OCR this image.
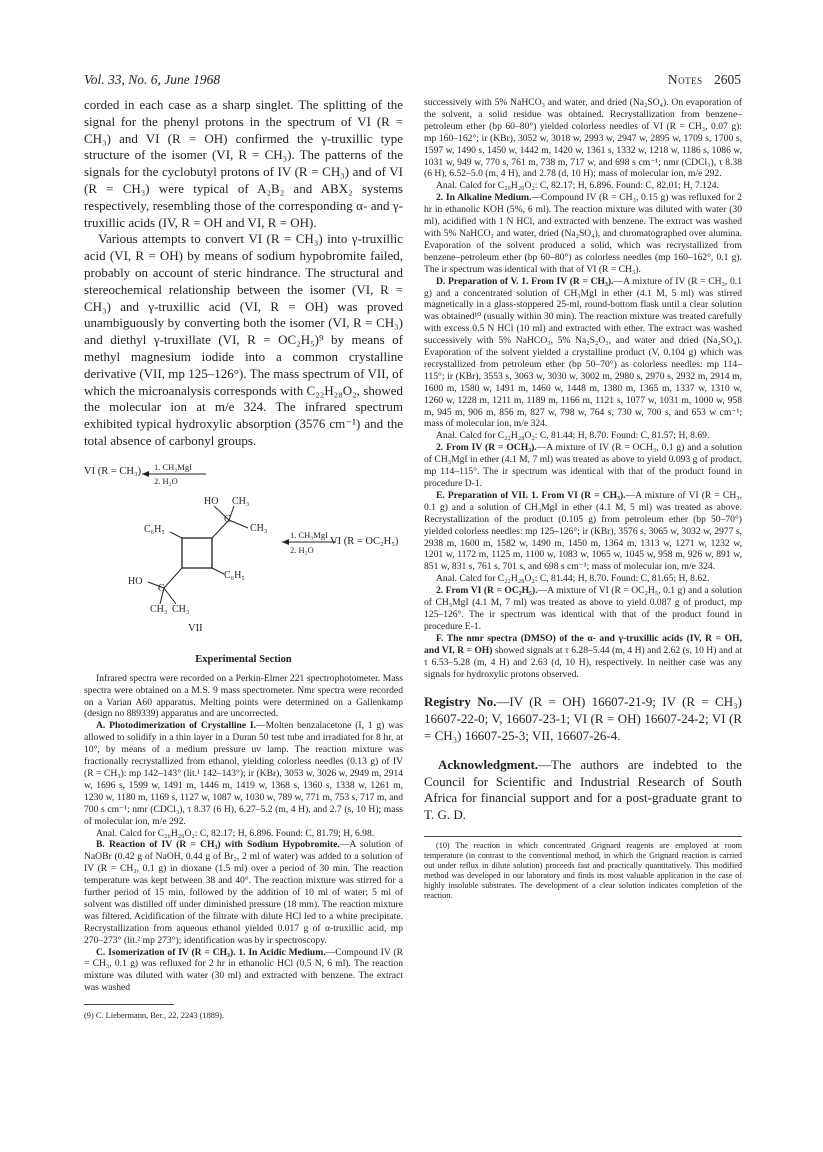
Vol. 33, No. 6, June 1968	Notes 2605

corded in each case as a sharp singlet. The splitting of the signal for the phenyl protons in the spectrum of VI (R = CH₃) and VI (R = OH) confirmed the γ-truxillic type structure of the isomer (VI, R = CH₃). The patterns of the signals for the cyclobutyl protons of IV (R = CH₃) and of VI (R = CH₃) were typical of A₂B₂ and ABX₂ systems respectively, resembling those of the corresponding α- and γ-truxillic acids (IV, R = OH and VI, R = OH).

Various attempts to convert VI (R = CH₃) into γ-truxillic acid (VI, R = OH) by means of sodium hypobromite failed, probably on account of steric hindrance. The structural and stereochemical relationship between the isomer (VI, R = CH₃) and γ-truxillic acid (VI, R = OH) was proved unambiguously by converting both the isomer (VI, R = CH₃) and diethyl γ-truxillate (VI, R = OC₂H₅)⁹ by means of methyl magnesium iodide into a common crystalline derivative (VII, mp 125–126°). The mass spectrum of VII, of which the microanalysis corresponds with C₂₂H₂₈O₂, showed the molecular ion at m/e 324. The infrared spectrum exhibited typical hydroxylic absorption (3576 cm⁻¹) and the total absence of carbonyl groups.

VI (R = CH₃) 1. CH₃MgI
2. H₂O
HO CH₃
C
CH₃
C₆H₅
C₆H₅
HO
C
CH₃ CH₃
1. CH₃MgI
2. H₂O
VI (R = OC₂H₅)
VII
Experimental Section

Infrared spectra were recorded on a Perkin-Elmer 221 spectrophotometer. Mass spectra were obtained on a M.S. 9 mass spectrometer. Nmr spectra were recorded on a Varian A60 apparatus. Melting points were determined on a Gallenkamp (design no 889339) apparatus and are uncorrected.

A. Photodimerization of Crystalline I.—Molten benzalacetone (I, 1 g) was allowed to solidify in a thin layer in a Duran 50 test tube and irradiated for 8 hr, at 10°, by means of a medium pressure uv lamp. The reaction mixture was fractionally recrystallized from ethanol, yielding colorless needles (0.13 g) of IV (R = CH₃): mp 142–143° (lit.¹ 142–143°); ir (KBr), 3053 w, 3026 w, 2949 m, 2914 w, 1696 s, 1599 w, 1491 m, 1446 m, 1419 w, 1368 s, 1360 s, 1338 w, 1261 m, 1230 w, 1180 m, 1169 s, 1127 w, 1087 w, 1030 w, 789 w, 771 m, 753 s, 717 m, and 700 s cm⁻¹; nmr (CDCl₃), τ 8.37 (6 H), 6.27–5.2 (m, 4 H), and 2.7 (s, 10 H); mass of molecular ion, m/e 292.

Anal. Calcd for C₂₀H₂₀O₂: C, 82.17; H, 6.896. Found: C, 81.79; H, 6.98.

B. Reaction of IV (R = CH₃) with Sodium Hypobromite.—A solution of NaOBr (0.42 g of NaOH, 0.44 g of Br₂, 2 ml of water) was added to a solution of IV (R = CH₃, 0.1 g) in dioxane (1.5 ml) over a period of 30 min. The reaction temperature was kept between 38 and 40°. The reaction mixture was stirred for a further period of 15 min, followed by the addition of 10 ml of water; 5 ml of solvent was distilled off under diminished pressure (18 mm). The reaction mixture was filtered. Acidification of the filtrate with dilute HCl led to a white precipitate. Recrystallization from aqueous ethanol yielded 0.017 g of α-truxillic acid, mp 270–273° (lit.² mp 273°); identification was by ir spectroscopy.

C. Isomerization of IV (R = CH₃). 1. In Acidic Medium.—Compound IV (R = CH₃, 0.1 g) was refluxed for 2 hr in ethanolic HCl (0.5 N, 6 ml). The reaction mixture was diluted with water (30 ml) and extracted with benzene. The extract was washed

(9) C. Liebermann, Ber., 22, 2243 (1889).

successively with 5% NaHCO₃ and water, and dried (Na₂SO₄). On evaporation of the solvent, a solid residue was obtained. Recrystallization from benzene–petroleum ether (bp 60–80°) yielded colorless needles of VI (R = CH₃, 0.07 g): mp 160–162°; ir (KBr), 3052 w, 3018 w, 2993 w, 2947 w, 2895 w, 1709 s, 1700 s, 1597 w, 1490 s, 1450 w, 1442 m, 1420 w, 1361 s, 1332 w, 1218 w, 1186 s, 1086 w, 1031 w, 949 w, 770 s, 761 m, 738 m, 717 w, and 698 s cm⁻¹; nmr (CDCl₃), τ 8.38 (6 H), 6.52–5.0 (m, 4 H), and 2.78 (d, 10 H); mass of molecular ion, m/e 292.

Anal. Calcd for C₂₀H₂₀O₂: C, 82.17; H, 6.896. Found: C, 82.01; H, 7.124.

2. In Alkaline Medium.—Compound IV (R = CH₃, 0.15 g) was refluxed for 2 hr in ethanolic KOH (5%, 6 ml). The reaction mixture was diluted with water (30 ml), acidified with 1 N HCl, and extracted with benzene. The extract was washed with 5% NaHCO₃ and water, dried (Na₂SO₄), and chromatographed over alumina. Evaporation of the solvent produced a solid, which was recrystallized from benzene–petroleum ether (bp 60–80°) as colorless needles (mp 160–162°, 0.1 g). The ir spectrum was identical with that of VI (R = CH₃).

D. Preparation of V. 1. From IV (R = CH₃).—A mixture of IV (R = CH₃, 0.1 g) and a concentrated solution of CH₃MgI in ether (4.1 M, 5 ml) was stirred magnetically in a glass-stoppered 25-ml, round-bottom flask until a clear solution was obtained¹⁰ (usually within 30 min). The reaction mixture was treated carefully with excess 0.5 N HCl (10 ml) and extracted with ether. The extract was washed successively with 5% NaHCO₃, 5% Na₂S₂O₃, and water and dried (Na₂SO₄). Evaporation of the solvent yielded a crystalline product (V, 0.104 g) which was recrystallized from petroleum ether (bp 50–70°) as colorless needles: mp 114–115°; ir (KBr), 3553 s, 3063 w, 3030 w, 3002 m, 2980 s, 2970 s, 2932 m, 2914 m, 1600 m, 1580 w, 1491 m, 1460 w, 1448 m, 1380 m, 1365 m, 1337 w, 1310 w, 1260 w, 1228 m, 1211 m, 1189 m, 1166 m, 1121 s, 1077 w, 1031 m, 1000 w, 958 m, 945 m, 906 m, 856 m, 827 w, 798 w, 764 s, 730 w, 700 s, and 653 w cm⁻¹; mass of molecular ion, m/e 324.

Anal. Calcd for C₂₂H₂₈O₂: C, 81.44; H, 8.70. Found: C, 81.57; H, 8.69.

2. From IV (R = OCH₃).—A mixture of IV (R = OCH₃, 0.1 g) and a solution of CH₃MgI in ether (4.1 M, 7 ml) was treated as above to yield 0.093 g of product, mp 114–115°. The ir spectrum was identical with that of the product found in procedure D-1.

E. Preparation of VII. 1. From VI (R = CH₃).—A mixture of VI (R = CH₃, 0.1 g) and a solution of CH₃MgI in ether (4.1 M, 5 ml) was treated as above. Recrystallization of the product (0.105 g) from petroleum ether (bp 50–70°) yielded colorless needles: mp 125–126°; ir (KBr), 3576 s, 3065 w, 3032 w, 2977 s, 2938 m, 1600 m, 1582 w, 1490 m, 1450 m, 1364 m, 1313 w, 1271 w, 1232 w, 1201 w, 1172 m, 1125 m, 1100 w, 1083 w, 1065 w, 1045 w, 958 m, 926 w, 891 w, 851 w, 831 s, 761 s, 701 s, and 698 s cm⁻¹; mass of molecular ion, m/e 324.

Anal. Calcd for C₂₂H₂₈O₂: C, 81.44; H, 8.70. Found: C, 81.65; H, 8.62.

2. From VI (R = OC₂H₅).—A mixture of VI (R = OC₂H₅, 0.1 g) and a solution of CH₃MgI (4.1 M, 7 ml) was treated as above to yield 0.087 g of product, mp 125–126°. The ir spectrum was identical with that of the product found in procedure E-1.

F. The nmr spectra (DMSO) of the α- and γ-truxillic acids (IV, R = OH, and VI, R = OH) showed signals at τ 6.28–5.44 (m, 4 H) and 2.62 (s, 10 H) and at τ 6.53–5.28 (m, 4 H) and 2.63 (d, 10 H), respectively. In neither case was any signals for hydroxylic protons observed.

Registry No.—IV (R = OH) 16607-21-9; IV (R = CH₃) 16607-22-0; V, 16607-23-1; VI (R = OH) 16607-24-2; VI (R = CH₃) 16607-25-3; VII, 16607-26-4.

Acknowledgment.—The authors are indebted to the Council for Scientific and Industrial Research of South Africa for financial support and for a post-graduate grant to T. G. D.

(10) The reaction in which concentrated Grignard reagents are employed at room temperature (in contrast to the conventional method, in which the Grignard reaction is carried out under reflux in dilute solution) proceeds fast and practically quantitatively. This modified method was developed in our laboratory and finds its most valuable application in the case of highly insoluble substrates. The development of a clear solution indicates completion of the reaction.
